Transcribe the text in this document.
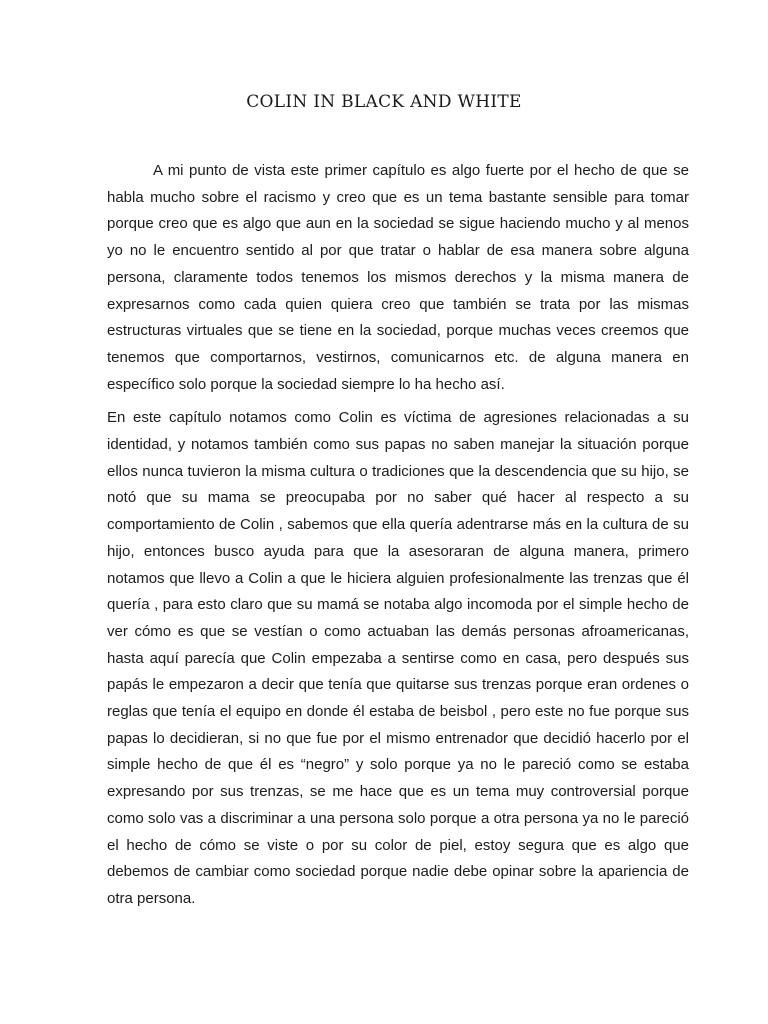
COLIN IN BLACK AND WHITE

A mi punto de vista este primer capítulo es algo fuerte por el hecho de que se habla mucho sobre el racismo y creo que es un tema bastante sensible para tomar porque creo que es algo que aun en la sociedad se sigue haciendo mucho y al menos yo no le encuentro sentido al por que tratar o hablar de esa manera sobre alguna persona, claramente todos tenemos los mismos derechos y la misma manera de expresarnos como cada quien quiera creo que también se trata por las mismas estructuras virtuales que se tiene en la sociedad, porque muchas veces creemos que tenemos que comportarnos, vestirnos, comunicarnos etc. de alguna manera en específico solo porque la sociedad siempre lo ha hecho así.

En este capítulo notamos como Colin es víctima de agresiones relacionadas a su identidad, y notamos también como sus papas no saben manejar la situación porque ellos nunca tuvieron la misma cultura o tradiciones que la descendencia que su hijo, se notó que su mama se preocupaba por no saber qué hacer al respecto a su comportamiento de Colin , sabemos que ella quería adentrarse más en la cultura de su hijo, entonces busco ayuda para que la asesoraran de alguna manera, primero notamos que llevo a Colin a que le hiciera alguien profesionalmente las trenzas que él quería , para esto claro que su mamá se notaba algo incomoda por el simple hecho de ver cómo es que se vestían o como actuaban las demás personas afroamericanas, hasta aquí parecía que Colin empezaba a sentirse como en casa, pero después sus papás le empezaron a decir que tenía que quitarse sus trenzas porque eran ordenes o reglas que tenía el equipo en donde él estaba de beisbol , pero este no fue porque sus papas lo decidieran, si no que fue por el mismo entrenador que decidió hacerlo por el simple hecho de que él es “negro” y solo porque ya no le pareció como se estaba expresando por sus trenzas, se me hace que es un tema muy controversial porque como solo vas a discriminar a una persona solo porque a otra persona ya no le pareció el hecho de cómo se viste o por su color de piel, estoy segura que es algo que debemos de cambiar como sociedad porque nadie debe opinar sobre la apariencia de otra persona.
